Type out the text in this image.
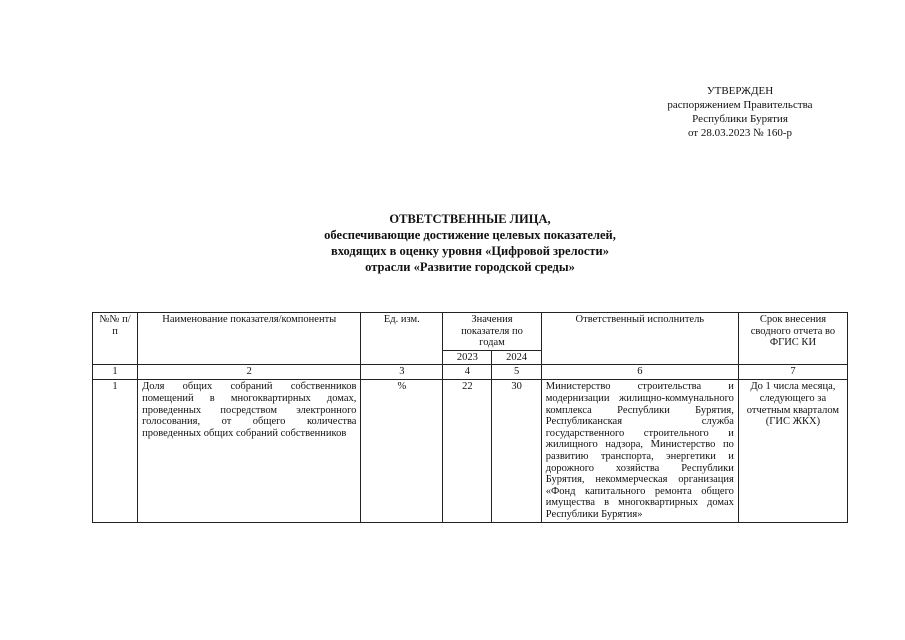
УТВЕРЖДЕН
распоряжением Правительства
Республики Бурятия
от 28.03.2023 № 160-р
ОТВЕТСТВЕННЫЕ ЛИЦА,
обеспечивающие достижение целевых показателей,
входящих в оценку уровня «Цифровой зрелости»
отрасли «Развитие городской среды»
№№ п/п	Наименование показателя/компоненты	Ед. изм.	Значения показателя по годам		Ответственный исполнитель	Срок внесения сводного отчета во ФГИС КИ
			2023	2024		
1	2	3	4	5	6	7
1	Доля общих собраний собственников помещений в многоквартирных домах, проведенных посредством электронного голосования, от общего количества проведенных общих собраний собственников	%	22	30	Министерство строительства и модернизации жилищно-коммунального комплекса Республики Бурятия, Республиканская служба государственного строительного и жилищного надзора, Министерство по развитию транспорта, энергетики и дорожного хозяйства Республики Бурятия, некоммерческая организация «Фонд капитального ремонта общего имущества в многоквартирных домах Республики Бурятия»	До 1 числа месяца, следующего за отчетным кварталом
(ГИС ЖКХ)
